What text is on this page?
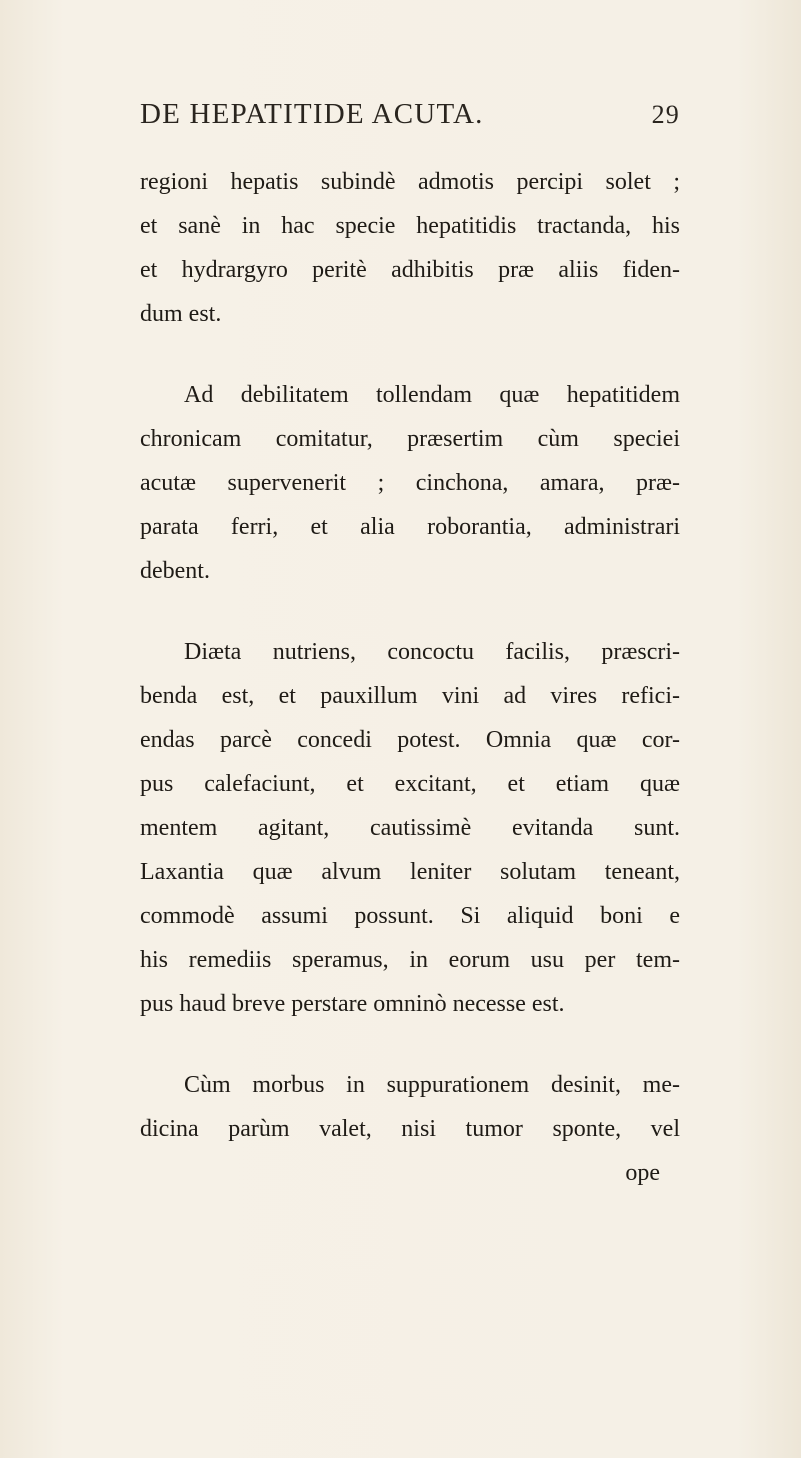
DE HEPATITIDE ACUTA.	29
regioni hepatis subindè admotis percipi solet ;
et sanè in hac specie hepatitidis tractanda, his
et hydrargyro peritè adhibitis præ aliis fiden-
dum est.
Ad debilitatem tollendam quæ hepatitidem
chronicam comitatur, præsertim cùm speciei
acutæ supervenerit ; cinchona, amara, præ-
parata ferri, et alia roborantia, administrari
debent.
Diæta nutriens, concoctu facilis, præscri-
benda est, et pauxillum vini ad vires refici-
endas parcè concedi potest. Omnia quæ cor-
pus calefaciunt, et excitant, et etiam quæ
mentem agitant, cautissimè evitanda sunt.
Laxantia quæ alvum leniter solutam teneant,
commodè assumi possunt. Si aliquid boni e
his remediis speramus, in eorum usu per tem-
pus haud breve perstare omninò necesse est.
Cùm morbus in suppurationem desinit, me-
dicina parùm valet, nisi tumor sponte, vel
ope
